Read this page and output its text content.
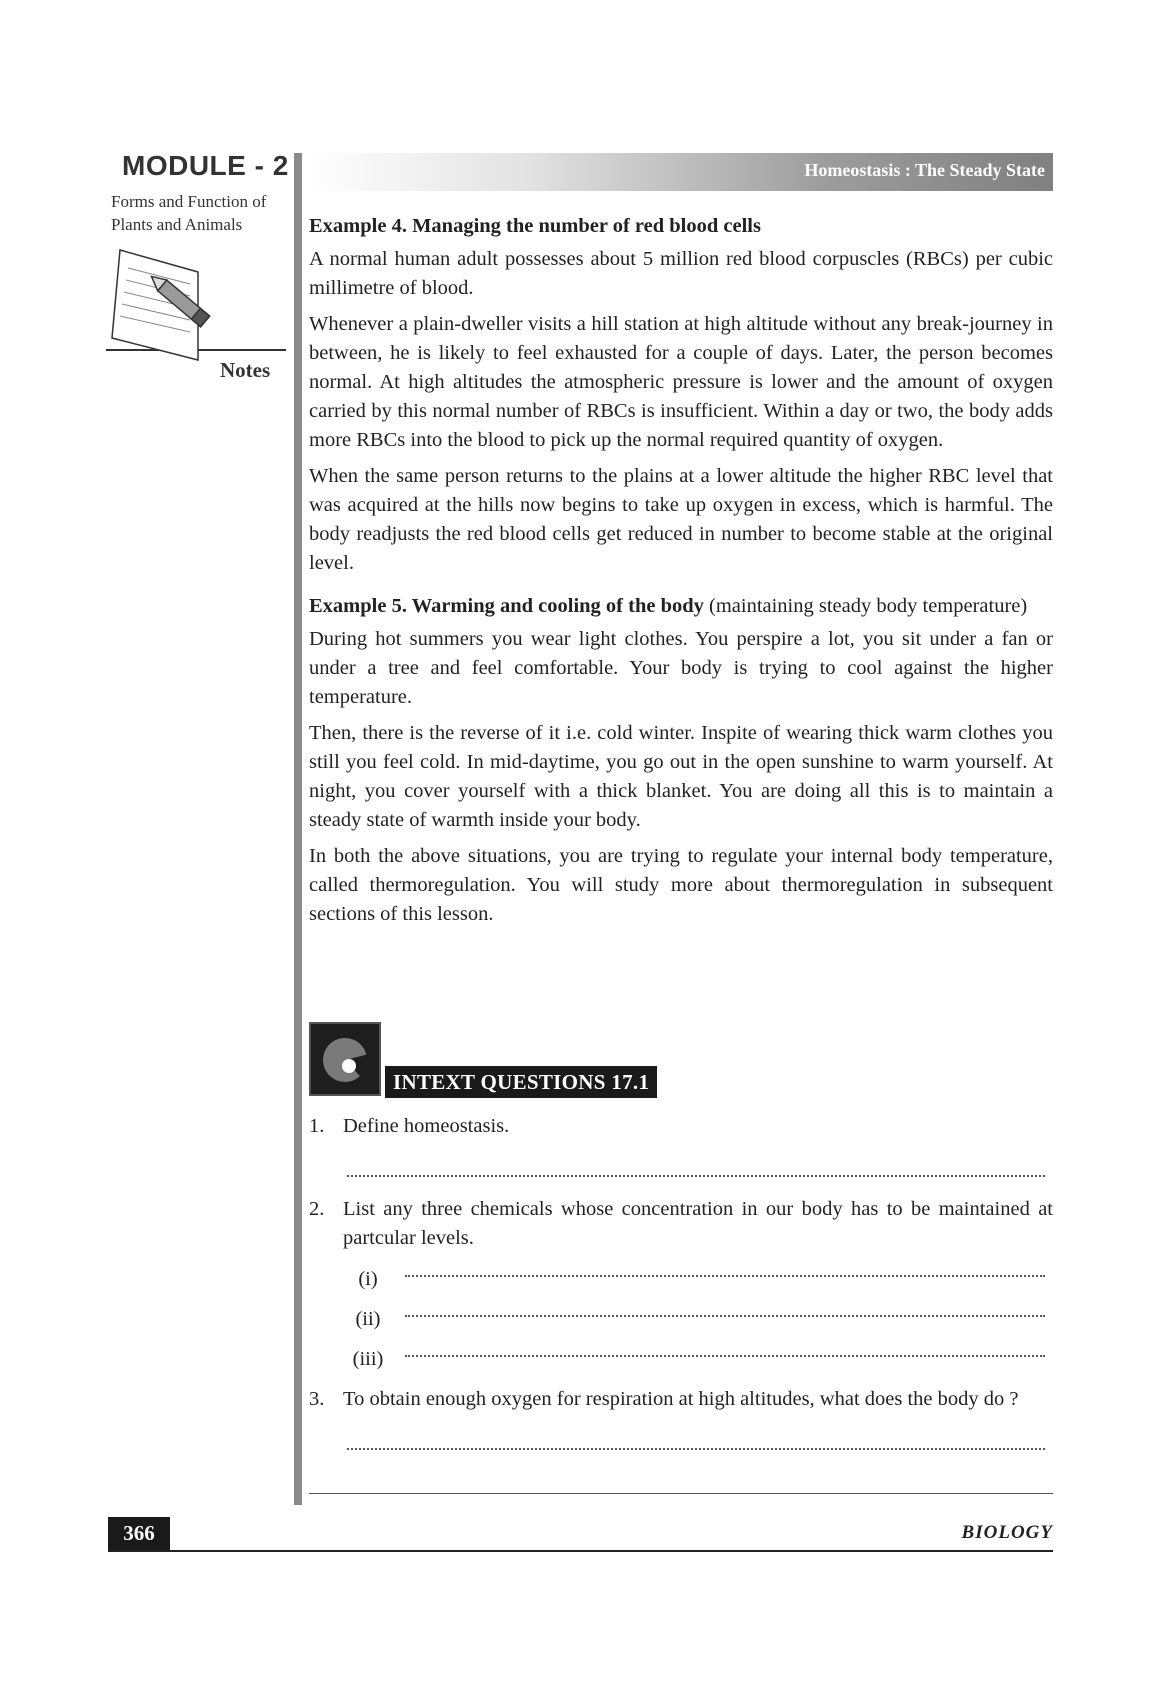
MODULE - 2
Forms and Function of
Plants and Animals
Notes
Homeostasis : The Steady State

Example 4. Managing the number of red blood cells

A normal human adult possesses about 5 million red blood corpuscles (RBCs) per cubic millimetre of blood.

Whenever a plain-dweller visits a hill station at high altitude without any break-journey in between, he is likely to feel exhausted for a couple of days. Later, the person becomes normal. At high altitudes the atmospheric pressure is lower and the amount of oxygen carried by this normal number of RBCs is insufficient. Within a day or two, the body adds more RBCs into the blood to pick up the normal required quantity of oxygen.

When the same person returns to the plains at a lower altitude the higher RBC level that was acquired at the hills now begins to take up oxygen in excess, which is harmful. The body readjusts the red blood cells get reduced in number to become stable at the original level.

Example 5. Warming and cooling of the body (maintaining steady body temperature)

During hot summers you wear light clothes. You perspire a lot, you sit under a fan or under a tree and feel comfortable. Your body is trying to cool against the higher temperature.

Then, there is the reverse of it i.e. cold winter. Inspite of wearing thick warm clothes you still you feel cold. In mid-daytime, you go out in the open sunshine to warm yourself. At night, you cover yourself with a thick blanket. You are doing all this is to maintain a steady state of warmth inside your body.

In both the above situations, you are trying to regulate your internal body temperature, called thermoregulation. You will study more about thermoregulation in subsequent sections of this lesson.

INTEXT QUESTIONS 17.1
1. Define homeostasis.
2. List any three chemicals whose concentration in our body has to be maintained at partcular levels.
(i)
(ii)
(iii)
3. To obtain enough oxygen for respiration at high altitudes, what does the body do ?
366	BIOLOGY
